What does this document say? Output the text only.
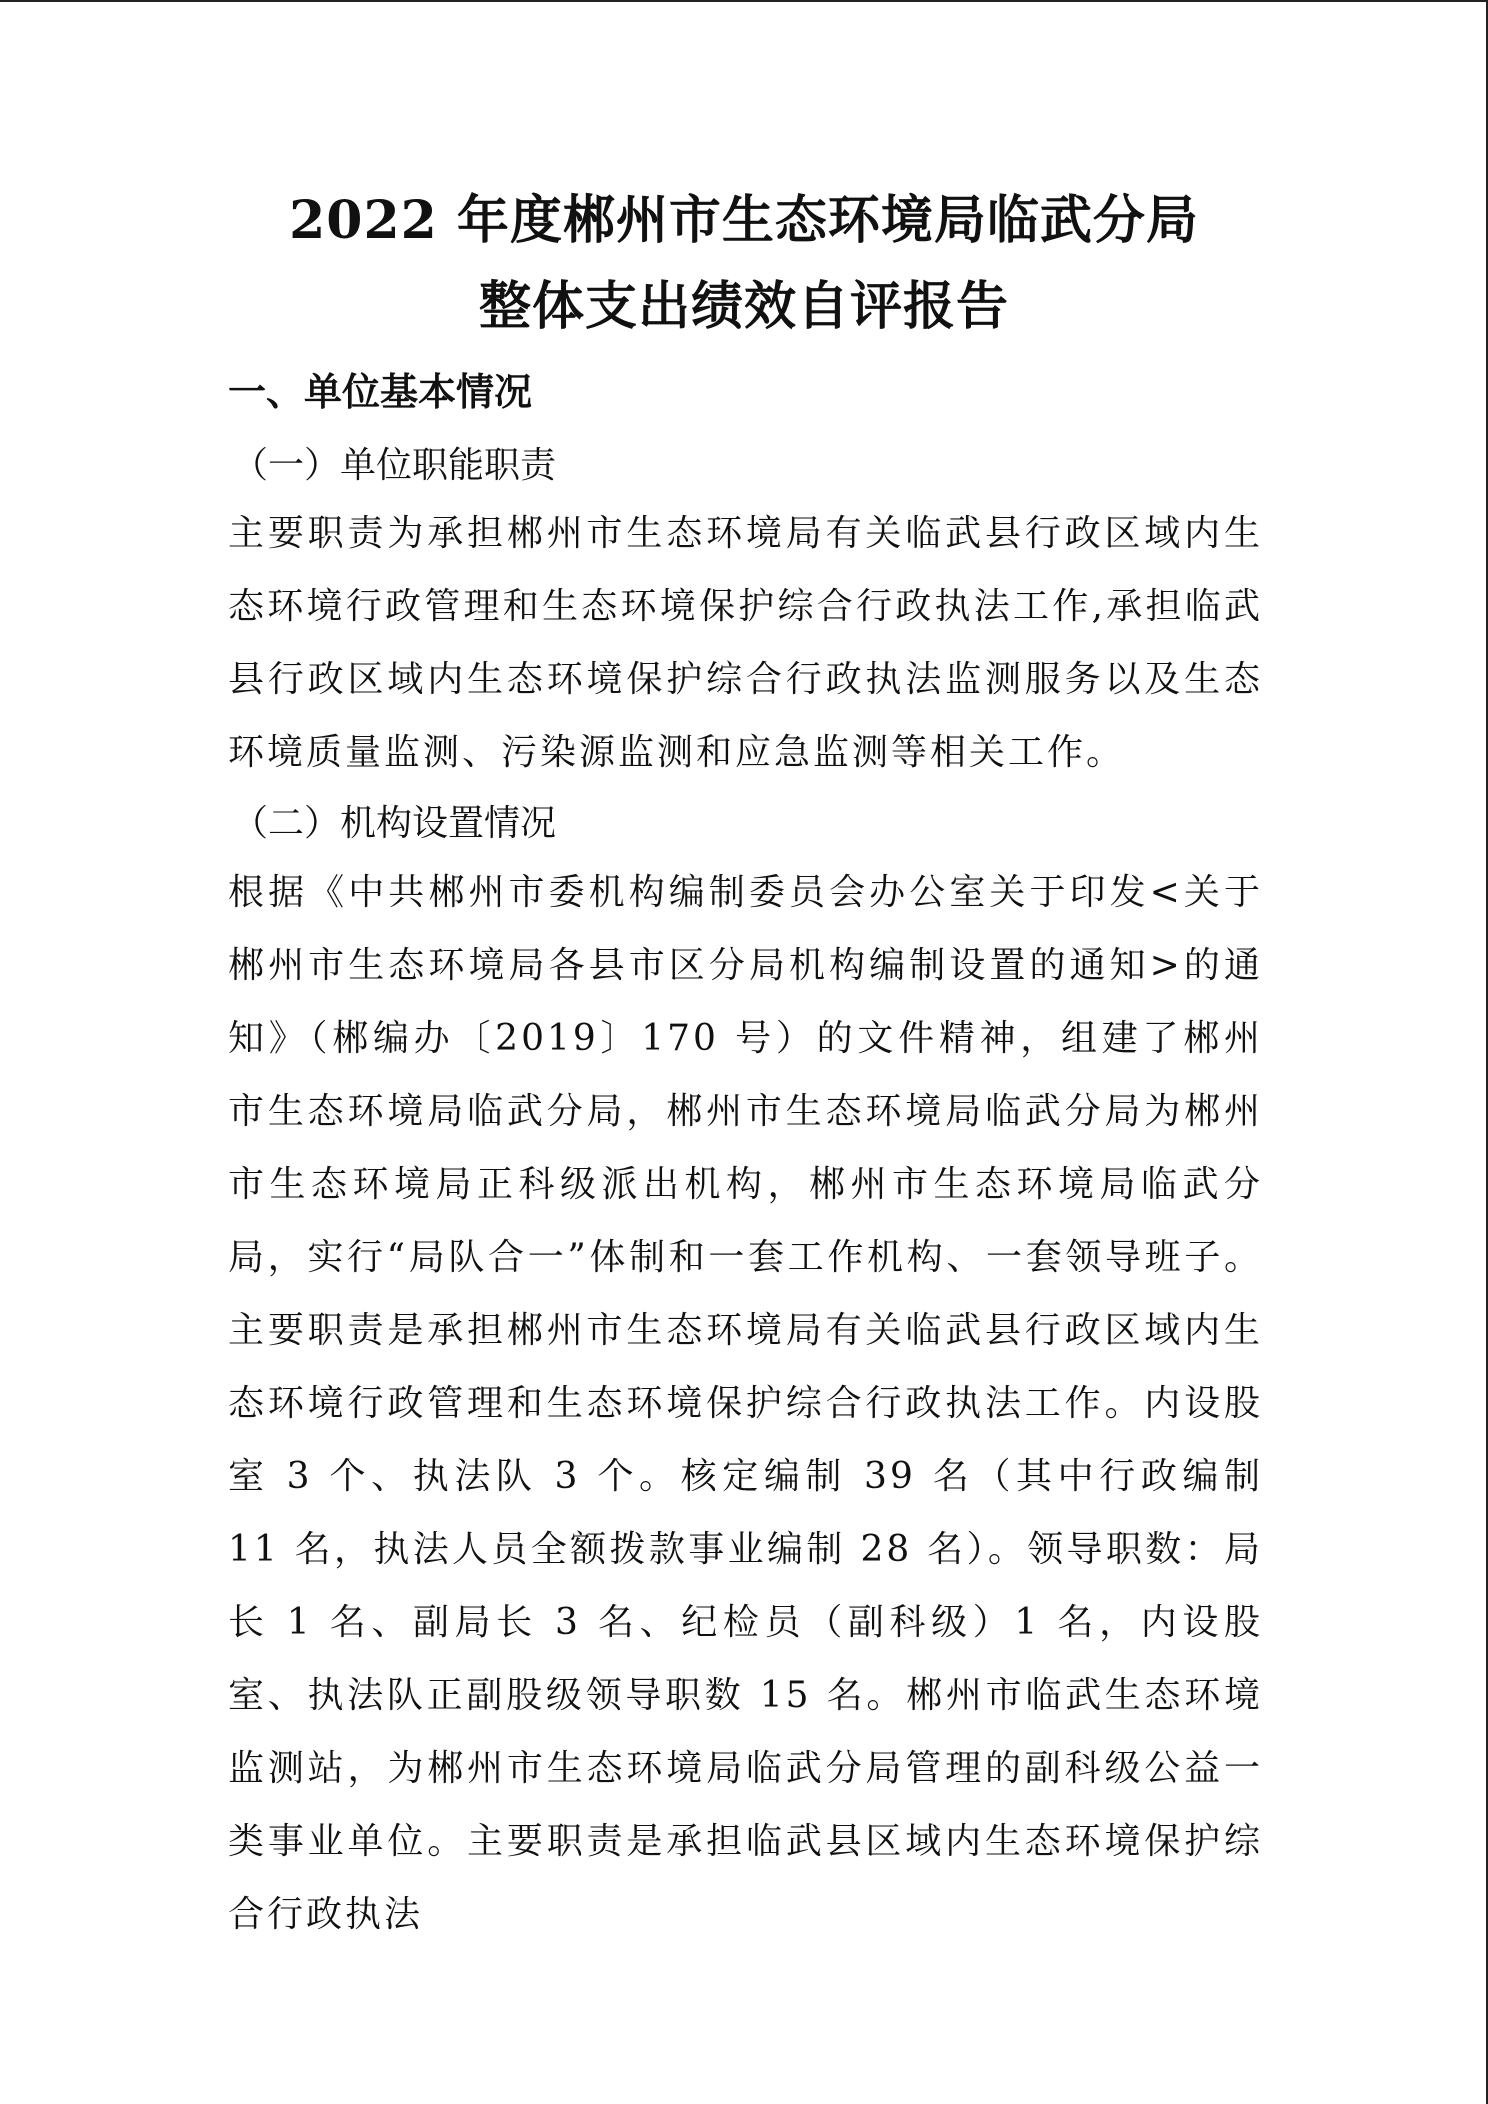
2022 年度郴州市生态环境局临武分局
整体支出绩效自评报告
一、单位基本情况
（一）单位职能职责

主要职责为承担郴州市生态环境局有关临武县行政区域内生态环境行政管理和生态环境保护综合行政执法工作,承担临武县行政区域内生态环境保护综合行政执法监测服务以及生态环境质量监测、污染源监测和应急监测等相关工作。

（二）机构设置情况

根据《中共郴州市委机构编制委员会办公室关于印发<关于郴州市生态环境局各县市区分局机构编制设置的通知>的通知》（郴编办〔2019〕170 号）的文件精神，组建了郴州市生态环境局临武分局，郴州市生态环境局临武分局为郴州市生态环境局正科级派出机构，郴州市生态环境局临武分局，实行“局队合一”体制和一套工作机构、一套领导班子。主要职责是承担郴州市生态环境局有关临武县行政区域内生态环境行政管理和生态环境保护综合行政执法工作。内设股室 3 个、执法队 3 个。核定编制 39 名（其中行政编制 11 名，执法人员全额拨款事业编制 28 名）。领导职数：局长 1 名、副局长 3 名、纪检员（副科级）1 名，内设股室、执法队正副股级领导职数 15 名。郴州市临武生态环境监测站，为郴州市生态环境局临武分局管理的副科级公益一类事业单位。主要职责是承担临武县区域内生态环境保护综合行政执法
